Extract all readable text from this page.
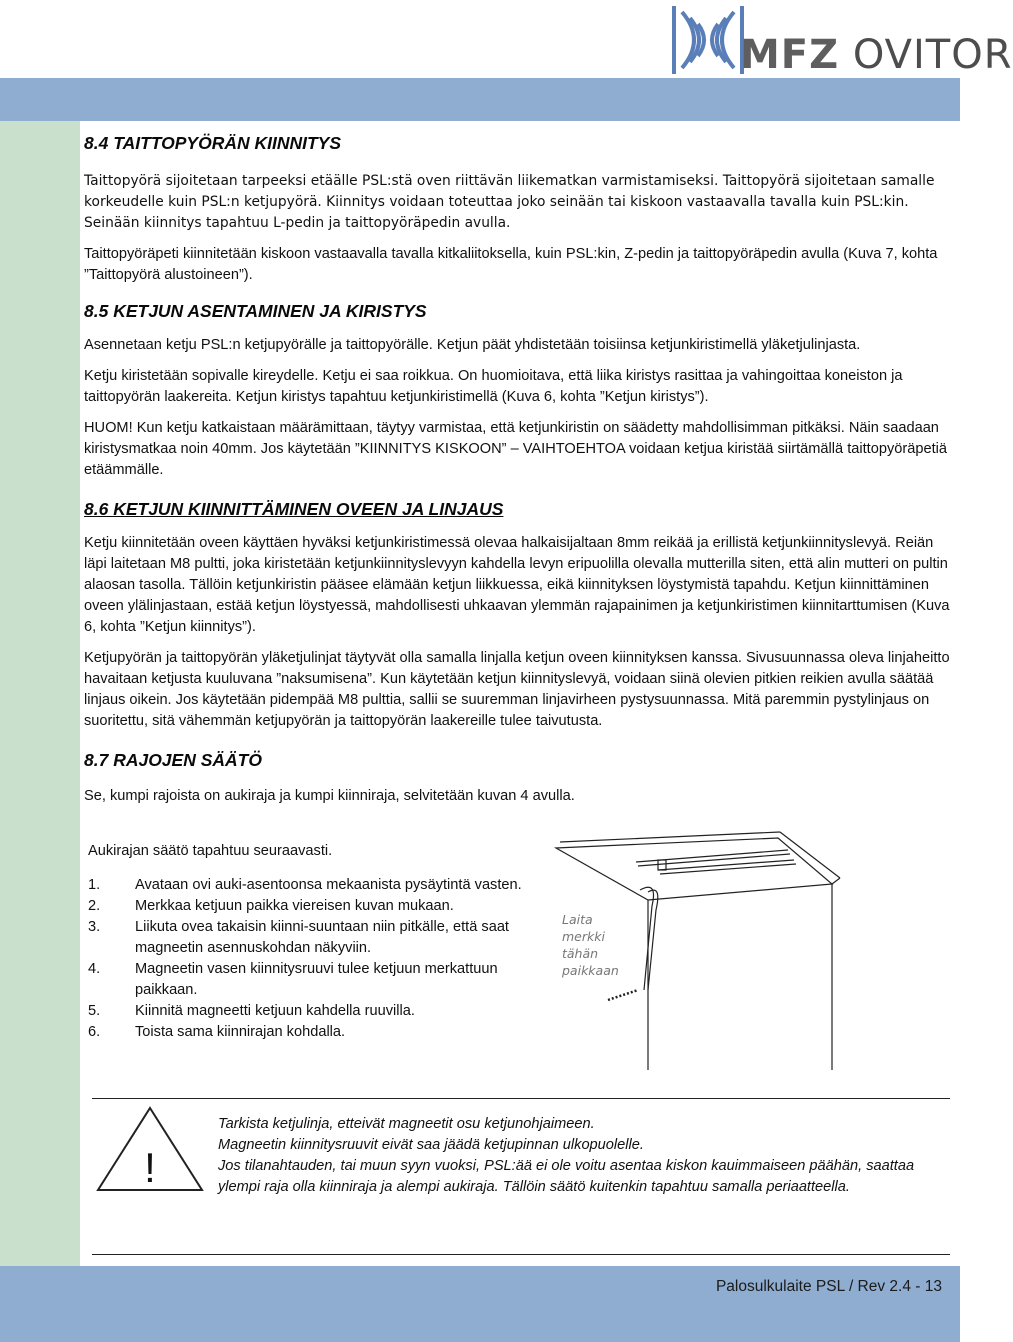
MFZ OVITOR
8.4 TAITTOPYÖRÄN KIINNITYS

Taittopyörä sijoitetaan tarpeeksi etäälle PSL:stä oven riittävän liikematkan varmistamiseksi. Taittopyörä sijoitetaan samalle korkeudelle kuin PSL:n ketjupyörä. Kiinnitys voidaan toteuttaa joko seinään tai kiskoon vastaavalla tavalla kuin PSL:kin. Seinään kiinnitys tapahtuu L-pedin ja taittopyöräpedin avulla.

Taittopyöräpeti kiinnitetään kiskoon vastaavalla tavalla kitkaliitoksella, kuin PSL:kin, Z-pedin ja taittopyöräpedin avulla (Kuva 7, kohta ”Taittopyörä alustoineen”).

8.5 KETJUN ASENTAMINEN JA KIRISTYS

Asennetaan ketju PSL:n ketjupyörälle ja taittopyörälle. Ketjun päät yhdistetään toisiinsa ketjunkiristimellä yläketjulinjasta.

Ketju kiristetään sopivalle kireydelle. Ketju ei saa roikkua. On huomioitava, että liika kiristys rasittaa ja vahingoittaa koneiston ja taittopyörän laakereita. Ketjun kiristys tapahtuu ketjunkiristimellä (Kuva 6, kohta ”Ketjun kiristys”).

HUOM! Kun ketju katkaistaan määrämittaan, täytyy varmistaa, että ketjunkiristin on säädetty mahdollisimman pitkäksi. Näin saadaan kiristysmatkaa noin 40mm. Jos käytetään ”KIINNITYS KISKOON” – VAIHTOEHTOA voidaan ketjua kiristää siirtämällä taittopyöräpetiä etäämmälle.

8.6 KETJUN KIINNITTÄMINEN OVEEN JA LINJAUS

Ketju kiinnitetään oveen käyttäen hyväksi ketjunkiristimessä olevaa halkaisijaltaan 8mm reikää ja erillistä ketjunkiinnityslevyä. Reiän läpi laitetaan M8 pultti, joka kiristetään ketjunkiinnityslevyyn kahdella levyn eripuolilla olevalla mutterilla siten, että alin mutteri on pultin alaosan tasolla. Tällöin ketjunkiristin pääsee elämään ketjun liikkuessa, eikä kiinnityksen löystymistä tapahdu. Ketjun kiinnittäminen oveen ylälinjastaan, estää ketjun löystyessä, mahdollisesti uhkaavan ylemmän rajapainimen ja ketjunkiristimen kiinnitarttumisen (Kuva 6, kohta ”Ketjun kiinnitys”).

Ketjupyörän ja taittopyörän yläketjulinjat täytyvät olla samalla linjalla ketjun oveen kiinnityksen kanssa. Sivusuunnassa oleva linjaheitto havaitaan ketjusta kuuluvana ”naksumisena”. Kun käytetään ketjun kiinnityslevyä, voidaan siinä olevien pitkien reikien avulla säätää linjaus oikein. Jos käytetään pidempää M8 pulttia, sallii se suuremman linjavirheen pystysuunnassa. Mitä paremmin pystylinjaus on suoritettu, sitä vähemmän ketjupyörän ja taittopyörän laakereille tulee taivutusta.

8.7 RAJOJEN SÄÄTÖ

Se, kumpi rajoista on aukiraja ja kumpi kiinniraja, selvitetään kuvan 4 avulla.

Aukirajan säätö tapahtuu seuraavasti.

1.	Avataan ovi auki-asentoonsa mekaanista pysäytintä vasten.
2.	Merkkaa ketjuun paikka viereisen kuvan mukaan.
3.	Liikuta ovea takaisin kiinni-suuntaan niin pitkälle, että saat magneetin asennuskohdan näkyviin.
4.	Magneetin vasen kiinnitysruuvi tulee ketjuun merkattuun paikkaan.
5.	Kiinnitä magneetti ketjuun kahdella ruuvilla.
6.	Toista sama kiinnirajan kohdalla.
Laita
merkki
tähän
paikkaan
!

Tarkista ketjulinja, etteivät magneetit osu ketjunohjaimeen.

Magneetin kiinnitysruuvit eivät saa jäädä ketjupinnan ulkopuolelle.

Jos tilanahtauden, tai muun syyn vuoksi, PSL:ää ei ole voitu asentaa kiskon kauimmaiseen päähän, saattaa ylempi raja olla kiinniraja ja alempi aukiraja. Tällöin säätö kuitenkin tapahtuu samalla periaatteella.

Palosulkulaite PSL / Rev 2.4 - 13
